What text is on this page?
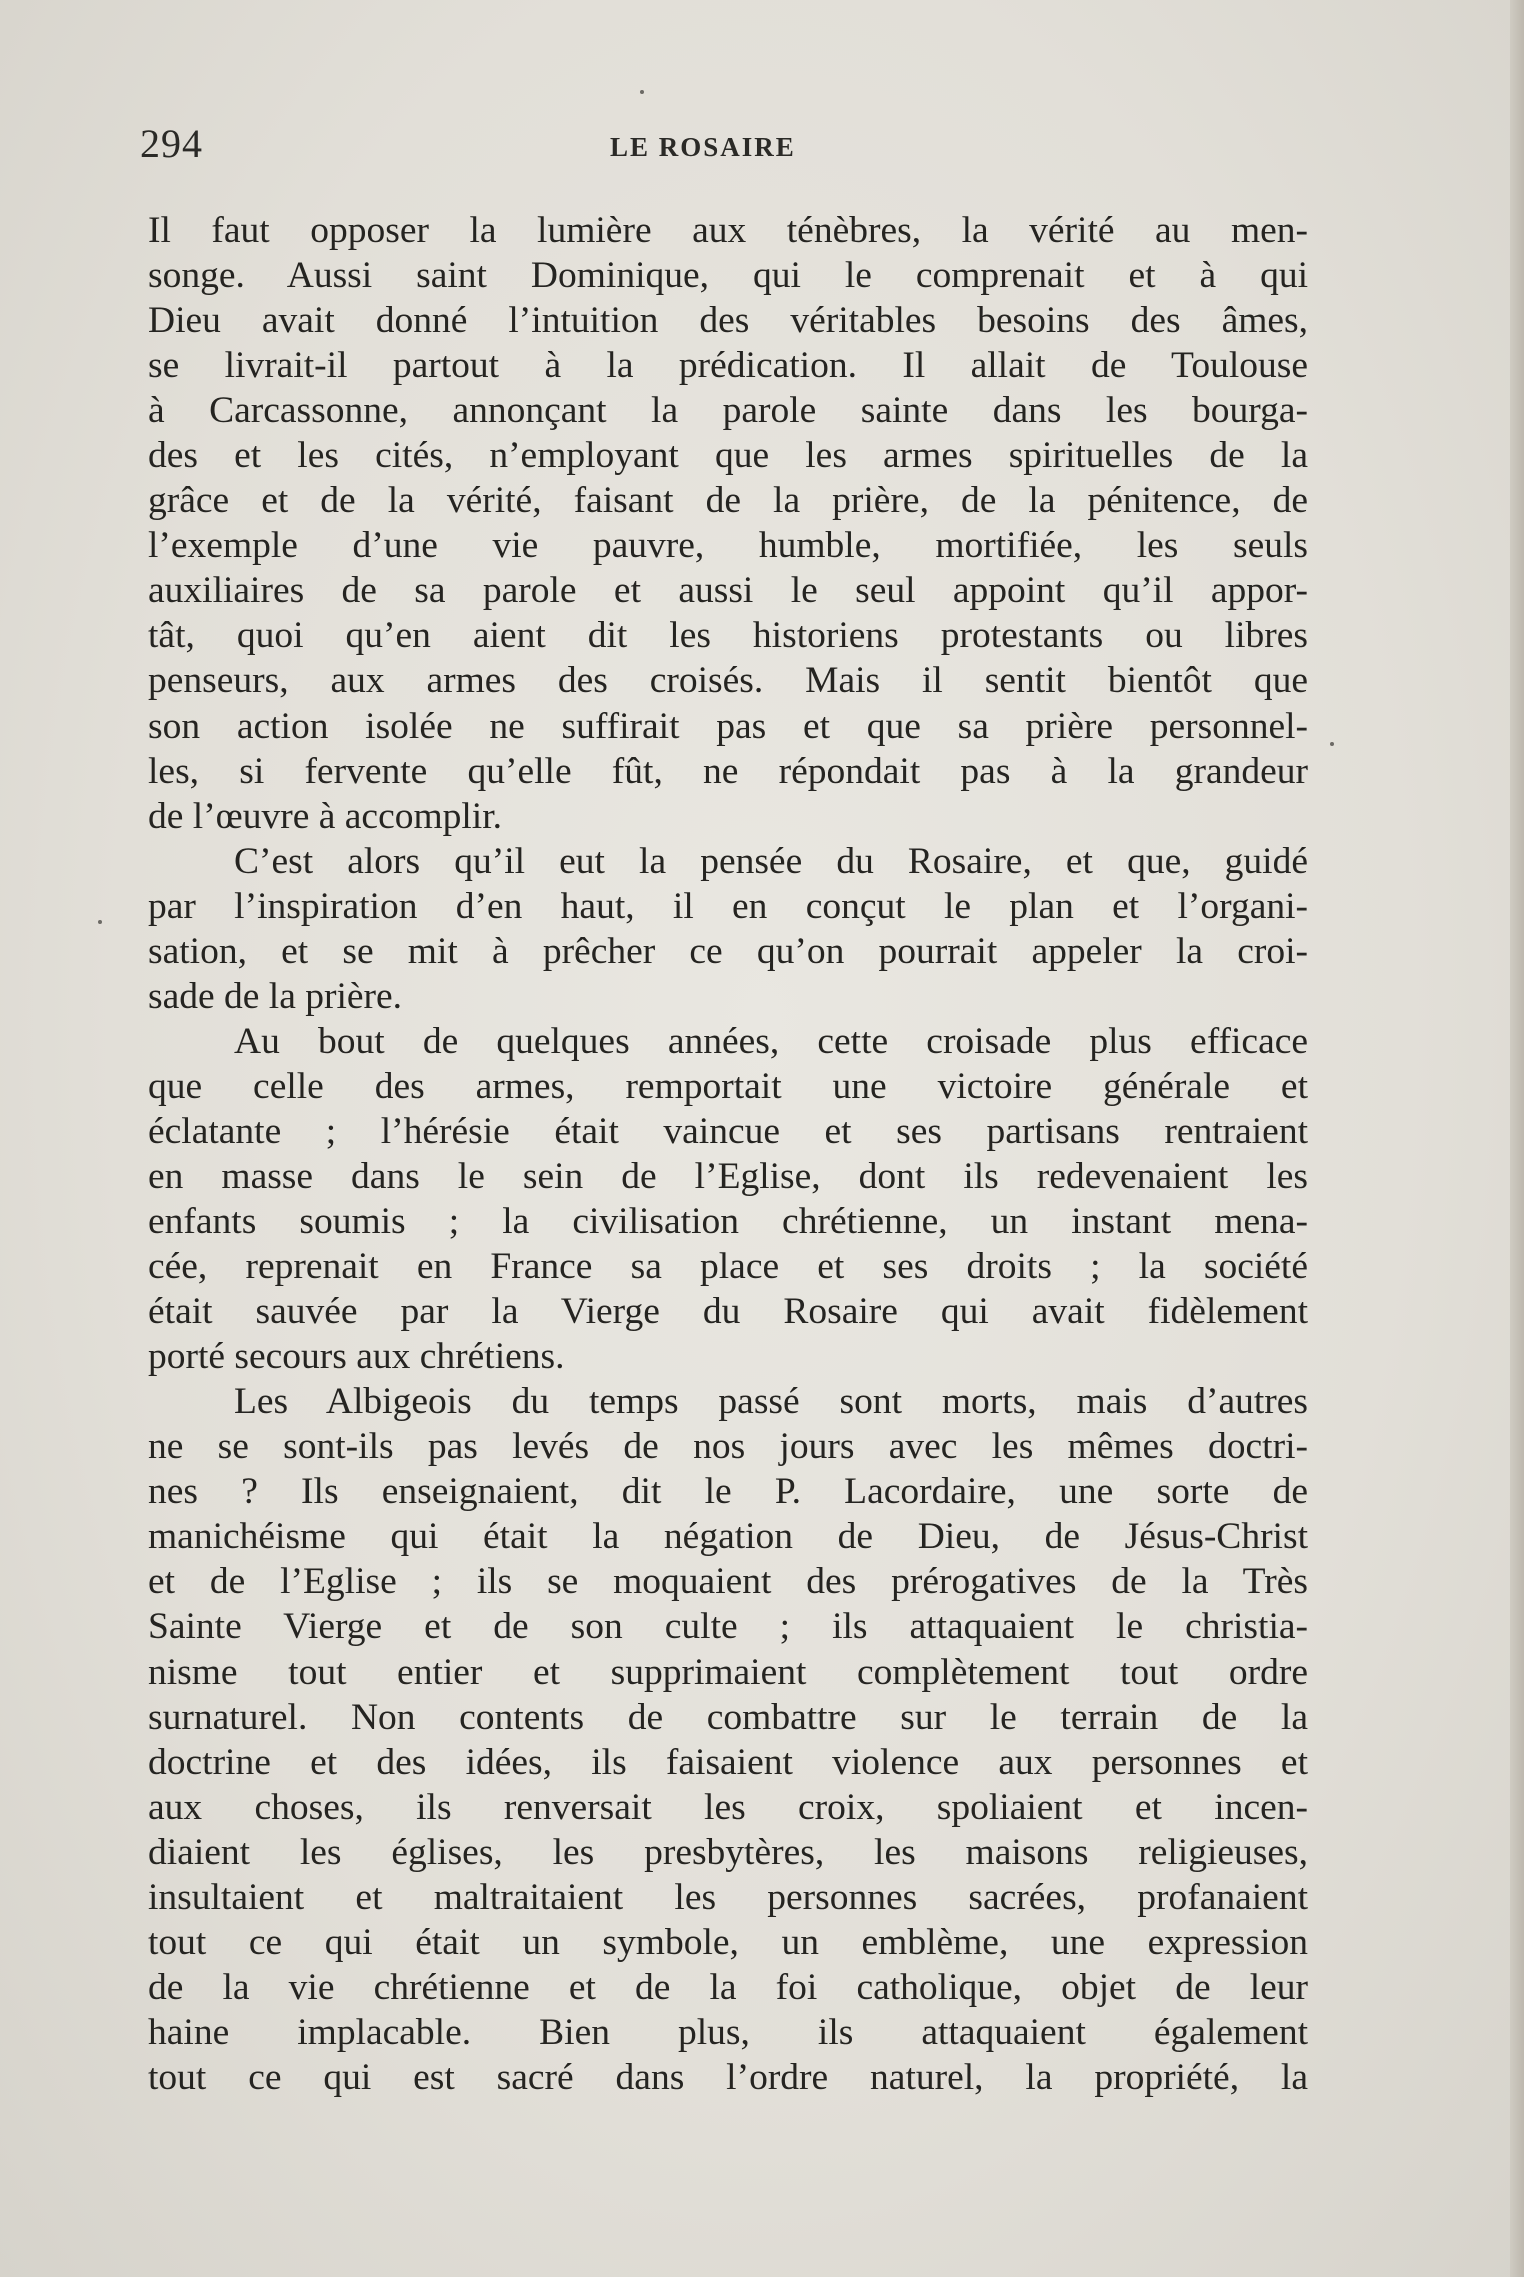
294	LE ROSAIRE
Il faut opposer la lumière aux ténèbres, la vérité au men-
songe. Aussi saint Dominique, qui le comprenait et à qui
Dieu avait donné l’intuition des véritables besoins des âmes,
se livrait-il partout à la prédication. Il allait de Toulouse
à Carcassonne, annonçant la parole sainte dans les bourga-
des et les cités, n’employant que les armes spirituelles de la
grâce et de la vérité, faisant de la prière, de la pénitence, de
l’exemple d’une vie pauvre, humble, mortifiée, les seuls
auxiliaires de sa parole et aussi le seul appoint qu’il appor-
tât, quoi qu’en aient dit les historiens protestants ou libres
penseurs, aux armes des croisés. Mais il sentit bientôt que
son action isolée ne suffirait pas et que sa prière personnel-
les, si fervente qu’elle fût, ne répondait pas à la grandeur
de l’œuvre à accomplir.
C’est alors qu’il eut la pensée du Rosaire, et que, guidé
par l’inspiration d’en haut, il en conçut le plan et l’organi-
sation, et se mit à prêcher ce qu’on pourrait appeler la croi-
sade de la prière.
Au bout de quelques années, cette croisade plus efficace
que celle des armes, remportait une victoire générale et
éclatante ; l’hérésie était vaincue et ses partisans rentraient
en masse dans le sein de l’Eglise, dont ils redevenaient les
enfants soumis ; la civilisation chrétienne, un instant mena-
cée, reprenait en France sa place et ses droits ; la société
était sauvée par la Vierge du Rosaire qui avait fidèlement
porté secours aux chrétiens.
Les Albigeois du temps passé sont morts, mais d’autres
ne se sont-ils pas levés de nos jours avec les mêmes doctri-
nes ? Ils enseignaient, dit le P. Lacordaire, une sorte de
manichéisme qui était la négation de Dieu, de Jésus-Christ
et de l’Eglise ; ils se moquaient des prérogatives de la Très
Sainte Vierge et de son culte ; ils attaquaient le christia-
nisme tout entier et supprimaient complètement tout ordre
surnaturel. Non contents de combattre sur le terrain de la
doctrine et des idées, ils faisaient violence aux personnes et
aux choses, ils renversait les croix, spoliaient et incen-
diaient les églises, les presbytères, les maisons religieuses,
insultaient et maltraitaient les personnes sacrées, profanaient
tout ce qui était un symbole, un emblème, une expression
de la vie chrétienne et de la foi catholique, objet de leur
haine implacable. Bien plus, ils attaquaient également
tout ce qui est sacré dans l’ordre naturel, la propriété, la
